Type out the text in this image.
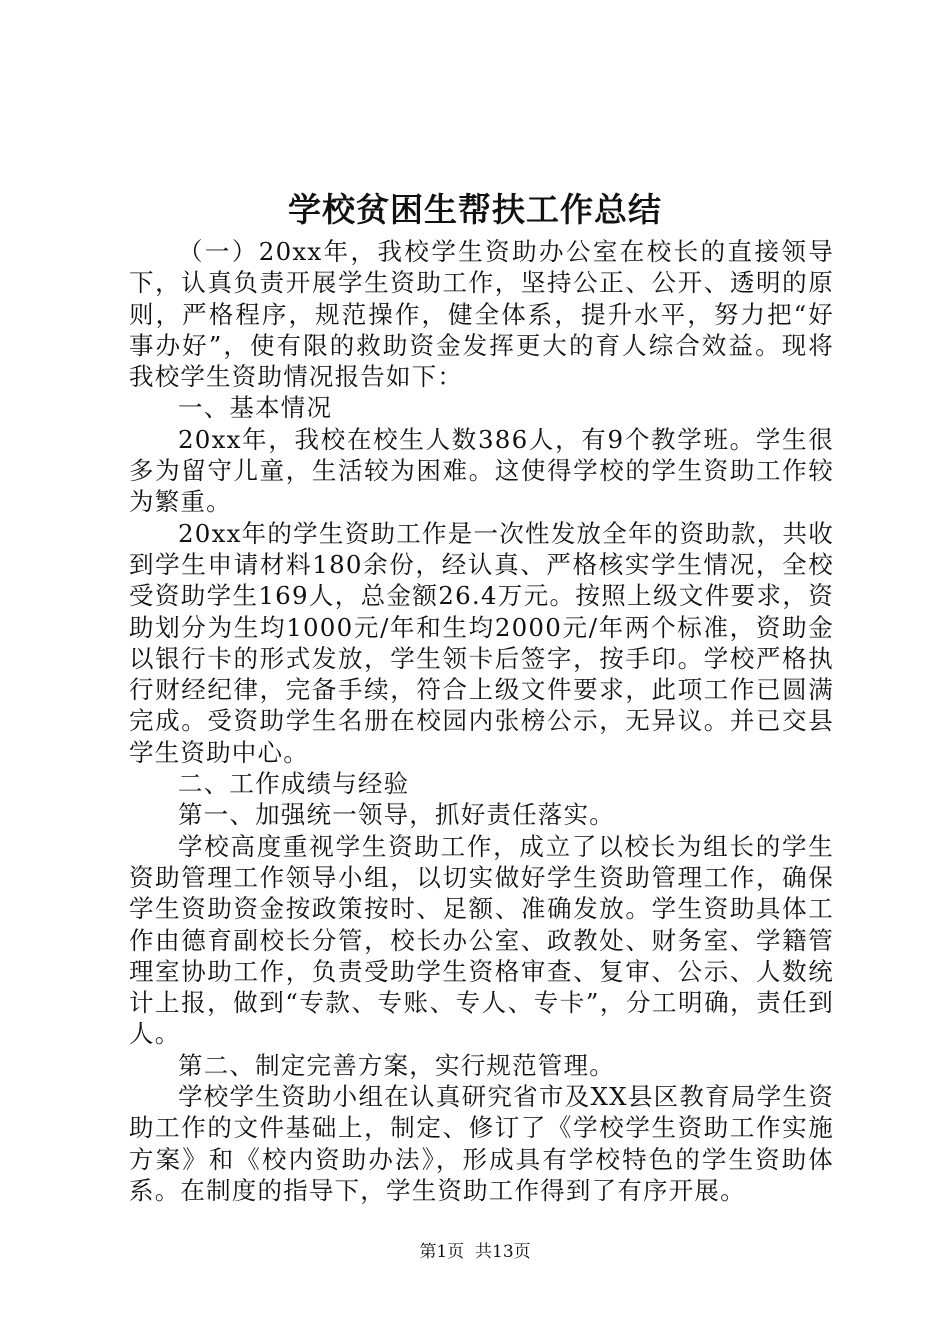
学校贫困生帮扶工作总结

（一）20xx年，我校学生资助办公室在校长的直接领导下，认真负责开展学生资助工作，坚持公正、公开、透明的原则，严格程序，规范操作，健全体系，提升水平，努力把“好事办好”，使有限的救助资金发挥更大的育人综合效益。现将我校学生资助情况报告如下：

一、基本情况

20xx年，我校在校生人数386人，有9个教学班。学生很多为留守儿童，生活较为困难。这使得学校的学生资助工作较为繁重。

20xx年的学生资助工作是一次性发放全年的资助款，共收到学生申请材料180余份，经认真、严格核实学生情况，全校受资助学生169人，总金额26.4万元。按照上级文件要求，资助划分为生均1000元/年和生均2000元/年两个标准，资助金以银行卡的形式发放，学生领卡后签字，按手印。学校严格执行财经纪律，完备手续，符合上级文件要求，此项工作已圆满完成。受资助学生名册在校园内张榜公示，无异议。并已交县学生资助中心。

二、工作成绩与经验

第一、加强统一领导，抓好责任落实。

学校高度重视学生资助工作，成立了以校长为组长的学生资助管理工作领导小组，以切实做好学生资助管理工作，确保学生资助资金按政策按时、足额、准确发放。学生资助具体工作由德育副校长分管，校长办公室、政教处、财务室、学籍管理室协助工作，负责受助学生资格审查、复审、公示、人数统计上报，做到“专款、专账、专人、专卡”，分工明确，责任到人。

第二、制定完善方案，实行规范管理。

学校学生资助小组在认真研究省市及XX县区教育局学生资助工作的文件基础上，制定、修订了《学校学生资助工作实施方案》和《校内资助办法》，形成具有学校特色的学生资助体系。在制度的指导下，学生资助工作得到了有序开展。

第1页 共13页
